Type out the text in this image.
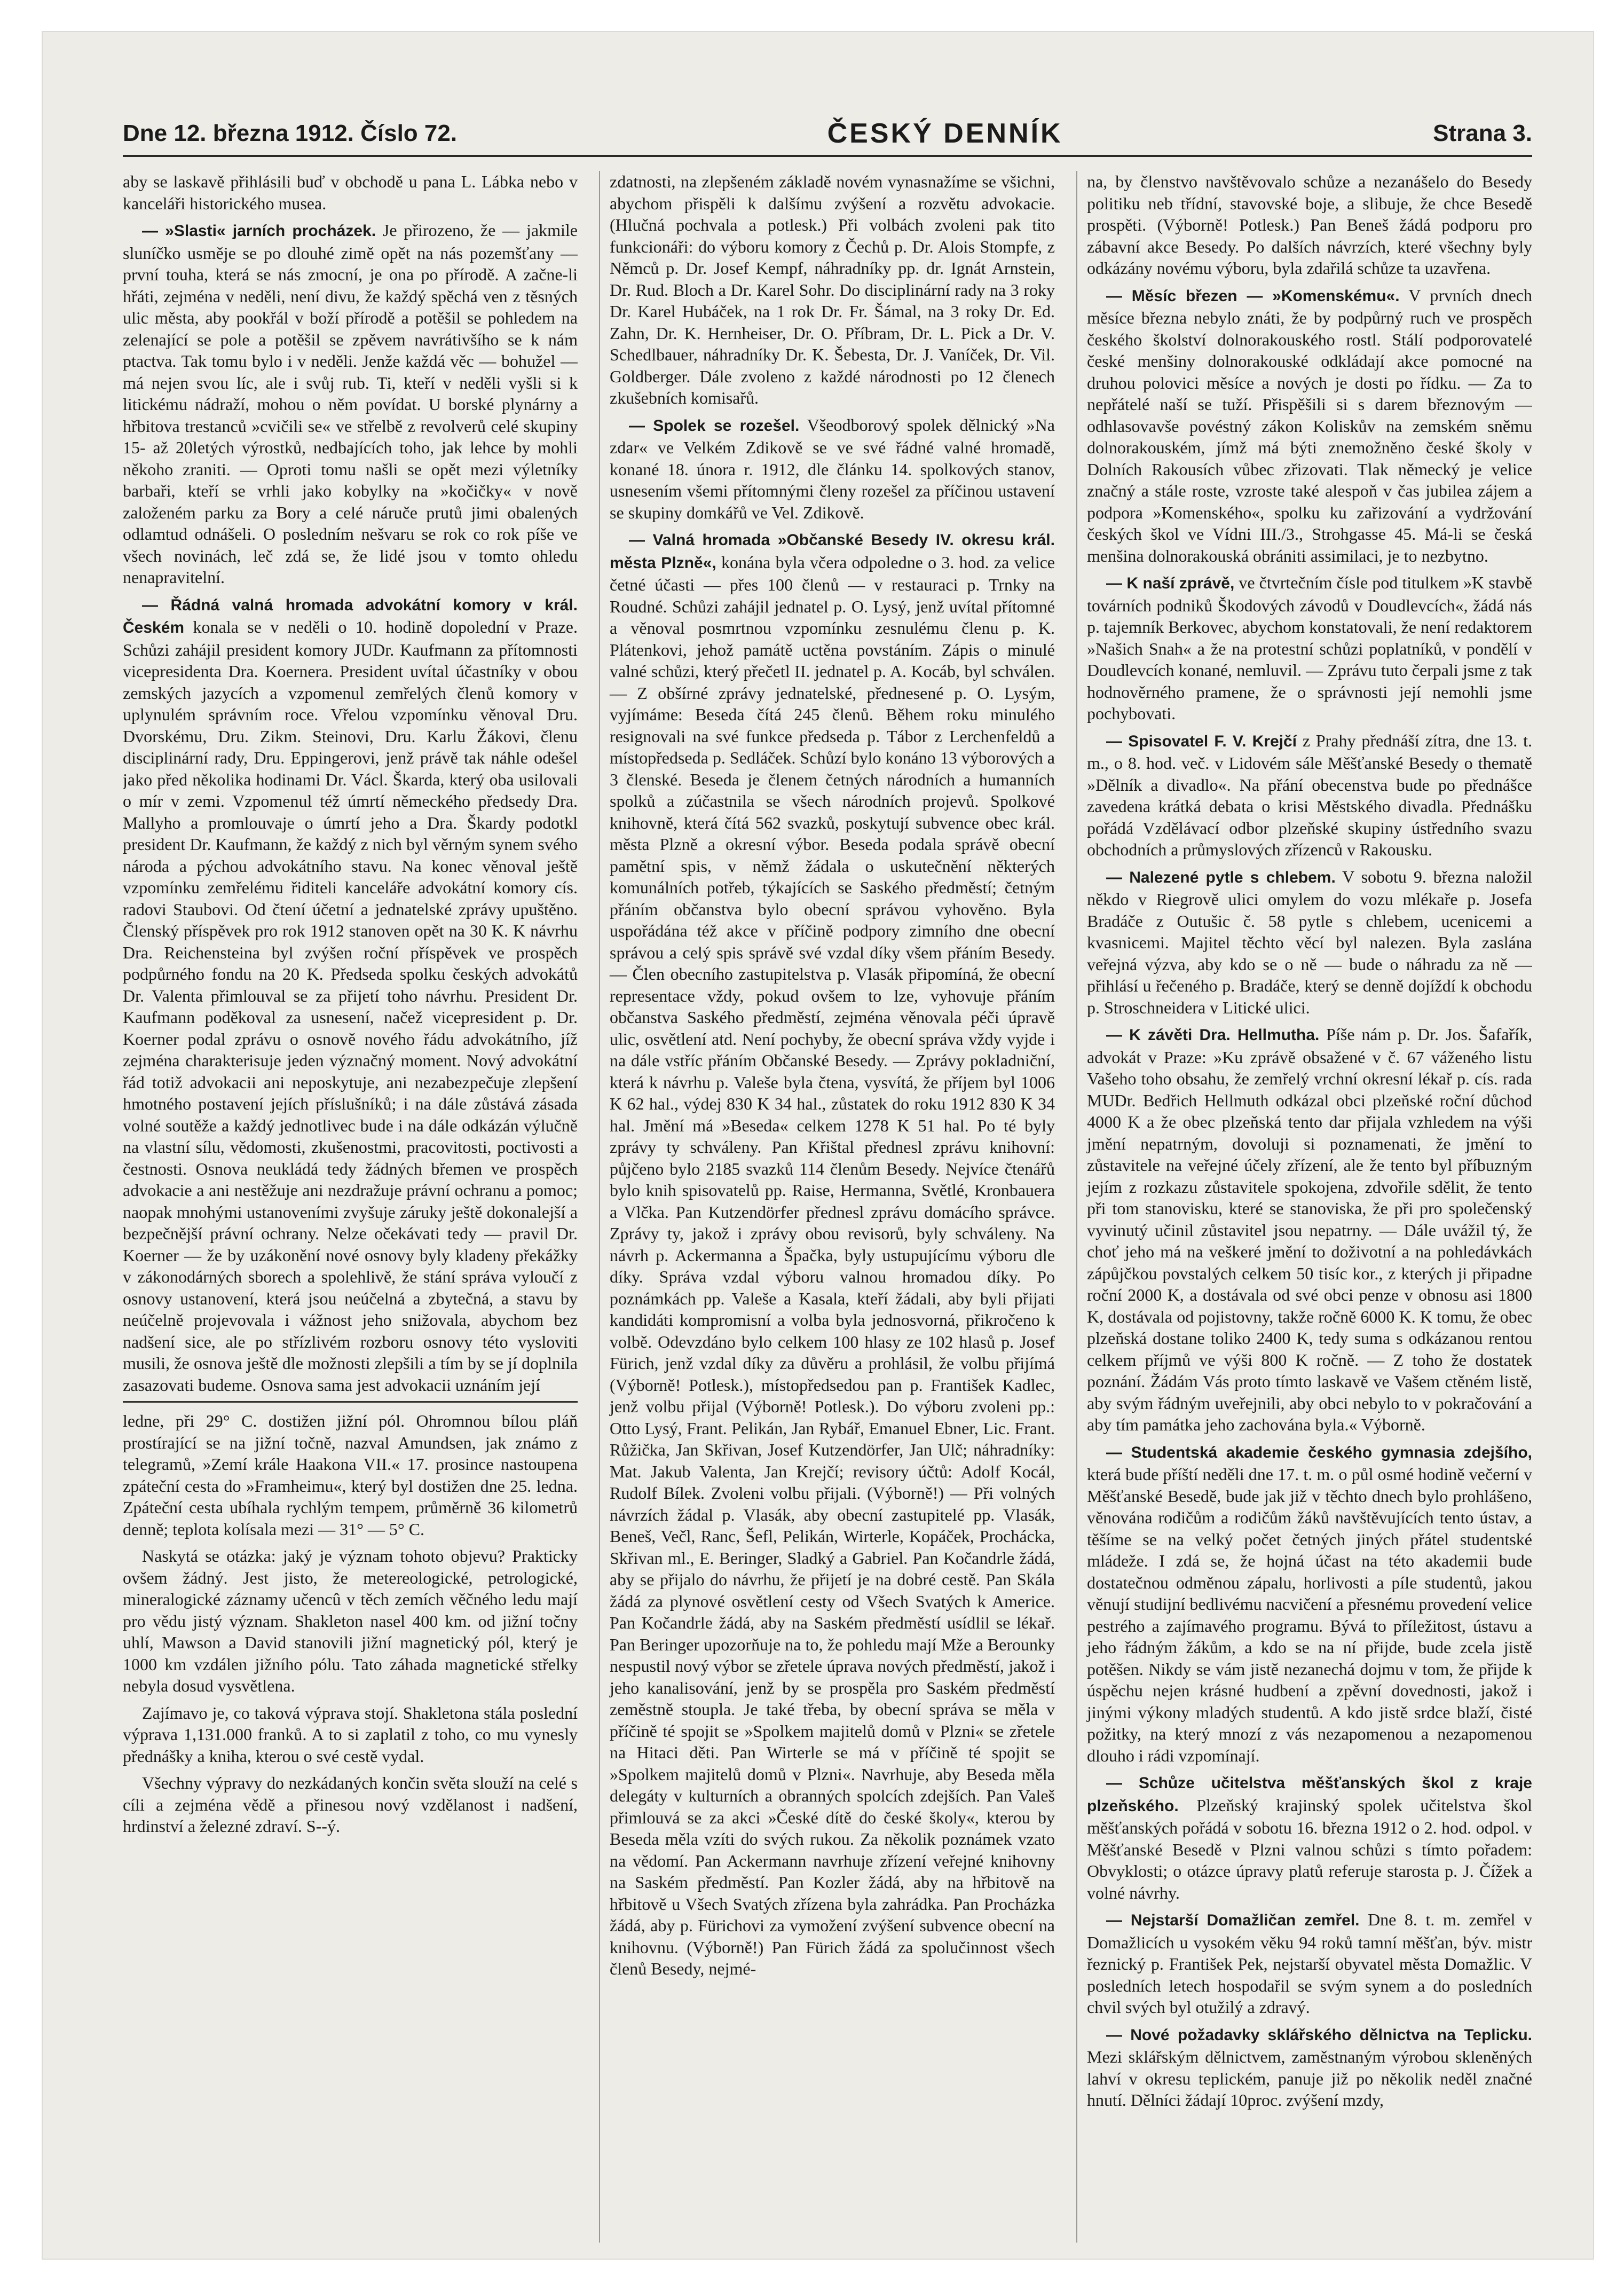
Dne 12. března 1912. Číslo 72.	ČESKÝ DENNÍK	Strana 3.

aby se laskavě přihlásili buď v obchodě u pana L. Lábka nebo v kanceláři historického musea.

— »Slasti« jarních procházek. Je přirozeno, že — jakmile sluníčko usměje se po dlouhé zimě opět na nás pozemšťany — první touha, která se nás zmocní, je ona po přírodě. A začne-li hřáti, zejména v neděli, není divu, že každý spěchá ven z těsných ulic města, aby pookřál v boží přírodě a potěšil se pohledem na zelenající se pole a potěšil se zpěvem navrátivšího se k nám ptactva. Tak tomu bylo i v neděli. Jenže každá věc — bohužel — má nejen svou líc, ale i svůj rub. Ti, kteří v neděli vyšli si k litickému nádraží, mohou o něm povídat. U borské plynárny a hřbitova trestanců »cvičili se« ve střelbě z revolverů celé skupiny 15- až 20letých výrostků, nedbajících toho, jak lehce by mohli někoho zraniti. — Oproti tomu našli se opět mezi výletníky barbaři, kteří se vrhli jako kobylky na »kočičky« v nově založeném parku za Bory a celé náruče prutů jimi obalených odlamtud odnášeli. O posledním nešvaru se rok co rok píše ve všech novinách, leč zdá se, že lidé jsou v tomto ohledu nenapravitelní.

— Řádná valná hromada advokátní komory v král. Českém konala se v neděli o 10. hodině dopolední v Praze. Schůzi zahájil president komory JUDr. Kaufmann za přítomnosti vicepresidenta Dra. Koernera. President uvítal účastníky v obou zemských jazycích a vzpomenul zemřelých členů komory v uplynulém správním roce. Vřelou vzpomínku věnoval Dru. Dvorskému, Dru. Zikm. Steinovi, Dru. Karlu Žákovi, členu disciplinární rady, Dru. Eppingerovi, jenž právě tak náhle odešel jako před několika hodinami Dr. Václ. Škarda, který oba usilovali o mír v zemi. Vzpomenul též úmrtí německého předsedy Dra. Mallyho a promlouvaje o úmrtí jeho a Dra. Škardy podotkl president Dr. Kaufmann, že každý z nich byl věrným synem svého národa a pýchou advokátního stavu. Na konec věnoval ještě vzpomínku zemřelému řiditeli kanceláře advokátní komory cís. radovi Staubovi. Od čtení účetní a jednatelské zprávy upuštěno. Členský příspěvek pro rok 1912 stanoven opět na 30 K. K návrhu Dra. Reichensteina byl zvýšen roční příspěvek ve prospěch podpůrného fondu na 20 K. Předseda spolku českých advokátů Dr. Valenta přimlouval se za přijetí toho návrhu. President Dr. Kaufmann poděkoval za usnesení, načež vicepresident p. Dr. Koerner podal zprávu o osnově nového řádu advokátního, jíž zejména charakterisuje jeden význačný moment. Nový advokátní řád totiž advokacii ani neposkytuje, ani nezabezpečuje zlepšení hmotného postavení jejích příslušníků; i na dále zůstává zásada volné soutěže a každý jednotlivec bude i na dále odkázán výlučně na vlastní sílu, vědomosti, zkušenostmi, pracovitosti, poctivosti a čestnosti. Osnova neukládá tedy žádných břemen ve prospěch advokacie a ani nestěžuje ani nezdražuje právní ochranu a pomoc; naopak mnohými ustanoveními zvyšuje záruky ještě dokonalejší a bezpečnější právní ochrany. Nelze očekávati tedy — pravil Dr. Koerner — že by uzákonění nové osnovy byly kladeny překážky v zákonodárných sborech a spolehlivě, že stání správa vyloučí z osnovy ustanovení, která jsou neúčelná a zbytečná, a stavu by neúčelně projevovala i vážnost jeho snižovala, abychom bez nadšení sice, ale po střízlivém rozboru osnovy této vysloviti musili, že osnova ještě dle možnosti zlepšili a tím by se jí doplnila zasazovati budeme. Osnova sama jest advokacii uznáním její

ledne, při 29° C. dostižen jižní pól. Ohromnou bílou pláň prostírající se na jižní točně, nazval Amundsen, jak známo z telegramů, »Zemí krále Haakona VII.« 17. prosince nastoupena zpáteční cesta do »Framheimu«, který byl dostižen dne 25. ledna. Zpáteční cesta ubíhala rychlým tempem, průměrně 36 kilometrů denně; teplota kolísala mezi — 31° — 5° C.

Naskytá se otázka: jaký je význam tohoto objevu? Prakticky ovšem žádný. Jest jisto, že metereologické, petrologické, mineralogické záznamy učencû v těch zemích věčného ledu mají pro vědu jistý význam. Shakleton nasel 400 km. od jižní točny uhlí, Mawson a David stanovili jižní magnetický pól, který je 1000 km vzdálen jižního pólu. Tato záhada magnetické střelky nebyla dosud vysvětlena.

Zajímavo je, co taková výprava stojí. Shakletona stála poslední výprava 1,131.000 franků. A to si zaplatil z toho, co mu vynesly přednášky a kniha, kterou o své cestě vydal.

Všechny výpravy do nezkádaných končin světa slouží na celé s cíli a zejména vědě a přinesou nový vzdělanost i nadšení, hrdinství a železné zdraví. S--ý.

zdatnosti, na zlepšeném základě novém vynasnažíme se všichni, abychom přispěli k dalšímu zvýšení a rozvětu advokacie. (Hlučná pochvala a potlesk.) Při volbách zvoleni pak tito funkcionáři: do výboru komory z Čechů p. Dr. Alois Stompfe, z Němců p. Dr. Josef Kempf, náhradníky pp. dr. Ignát Arnstein, Dr. Rud. Bloch a Dr. Karel Sohr. Do disciplinární rady na 3 roky Dr. Karel Hubáček, na 1 rok Dr. Fr. Šámal, na 3 roky Dr. Ed. Zahn, Dr. K. Hernheiser, Dr. O. Příbram, Dr. L. Pick a Dr. V. Schedlbauer, náhradníky Dr. K. Šebesta, Dr. J. Vaníček, Dr. Vil. Goldberger. Dále zvoleno z každé národnosti po 12 členech zkušebních komisařů.

— Spolek se rozešel. Všeodborový spolek dělnický »Na zdar« ve Velkém Zdikově se ve své řádné valné hromadě, konané 18. února r. 1912, dle článku 14. spolkových stanov, usnesením všemi přítomnými členy rozešel za příčinou ustavení se skupiny domkářů ve Vel. Zdikově.

— Valná hromada »Občanské Besedy IV. okresu král. města Plzně«, konána byla včera odpoledne o 3. hod. za velice četné účasti — přes 100 členů — v restauraci p. Trnky na Roudné. Schůzi zahájil jednatel p. O. Lysý, jenž uvítal přítomné a věnoval posmrtnou vzpomínku zesnulému členu p. K. Plátenkovi, jehož památě uctěna povstáním. Zápis o minulé valné schůzi, který přečetl II. jednatel p. A. Kocáb, byl schválen. — Z obšírné zprávy jednatelské, přednesené p. O. Lysým, vyjímáme: Beseda čítá 245 členů. Během roku minulého resignovali na své funkce předseda p. Tábor z Lerchenfeldů a místopředseda p. Sedláček. Schůzí bylo konáno 13 výborových a 3 členské. Beseda je členem četných národních a humanních spolků a zúčastnila se všech národních projevů. Spolkové knihovně, která čítá 562 svazků, poskytují subvence obec král. města Plzně a okresní výbor. Beseda podala správě obecní pamětní spis, v němž žádala o uskutečnění některých komunálních potřeb, týkajících se Saského předměstí; četným přáním občanstva bylo obecní správou vyhověno. Byla uspořádána též akce v příčině podpory zimního dne obecní správou a celý spis správě své vzdal díky všem přáním Besedy. — Člen obecního zastupitelstva p. Vlasák připomíná, že obecní representace vždy, pokud ovšem to lze, vyhovuje přáním občanstva Saského předměstí, zejména věnovala péči úpravě ulic, osvětlení atd. Není pochyby, že obecní správa vždy vyjde i na dále vstříc přáním Občanské Besedy. — Zprávy pokladniční, která k návrhu p. Valeše byla čtena, vysvítá, že příjem byl 1006 K 62 hal., výdej 830 K 34 hal., zůstatek do roku 1912 830 K 34 hal. Jmění má »Beseda« celkem 1278 K 51 hal. Po té byly zprávy ty schváleny. Pan Křištal přednesl zprávu knihovní: půjčeno bylo 2185 svazků 114 členům Besedy. Nejvíce čtenářů bylo knih spisovatelů pp. Raise, Hermanna, Světlé, Kronbauera a Vlčka. Pan Kutzendörfer přednesl zprávu domácího správce. Zprávy ty, jakož i zprávy obou revisorů, byly schváleny. Na návrh p. Ackermanna a Špačka, byly ustupujícímu výboru dle díky. Správa vzdal výboru valnou hromadou díky. Po poznámkách pp. Valeše a Kasala, kteří žádali, aby byli přijati kandidáti kompromisní a volba byla jednosvorná, přikročeno k volbě. Odevzdáno bylo celkem 100 hlasy ze 102 hlasů p. Josef Fürich, jenž vzdal díky za důvěru a prohlásil, že volbu přijímá (Výborně! Potlesk.), místopředsedou pan p. František Kadlec, jenž volbu přijal (Výborně! Potlesk.). Do výboru zvoleni pp.: Otto Lysý, Frant. Pelikán, Jan Rybář, Emanuel Ebner, Lic. Frant. Růžička, Jan Skřivan, Josef Kutzendörfer, Jan Ulč; náhradníky: Mat. Jakub Valenta, Jan Krejčí; revisory účtů: Adolf Kocál, Rudolf Bílek. Zvoleni volbu přijali. (Výborně!) — Při volných návrzích žádal p. Vlasák, aby obecní zastupitelé pp. Vlasák, Beneš, Večl, Ranc, Šefl, Pelikán, Wirterle, Kopáček, Prochácka, Skřivan ml., E. Beringer, Sladký a Gabriel. Pan Kočandrle žádá, aby se přijalo do návrhu, že přijetí je na dobré cestě. Pan Skála žádá za plynové osvětlení cesty od Všech Svatých k Americe. Pan Kočandrle žádá, aby na Saském předměstí usídlil se lékař. Pan Beringer upozorňuje na to, že pohledu mají Mže a Berounky nespustil nový výbor se zřetele úprava nových předměstí, jakož i jeho kanalisování, jenž by se prospěla pro Saském předměstí zeměstně stoupla. Je také třeba, by obecní správa se měla v příčině té spojit se »Spolkem majitelů domů v Plzni« se zřetele na Hitaci děti. Pan Wirterle se má v příčině té spojit se »Spolkem majitelů domů v Plzni«. Navrhuje, aby Beseda měla delegáty v kulturních a obranných spolcích zdejších. Pan Valeš přimlouvá se za akci »České dítě do české školy«, kterou by Beseda měla vzíti do svých rukou. Za několik poznámek vzato na vědomí. Pan Ackermann navrhuje zřízení veřejné knihovny na Saském předměstí. Pan Kozler žádá, aby na hřbitově na hřbitově u Všech Svatých zřízena byla zahrádka. Pan Procházka žádá, aby p. Fürichovi za vymožení zvýšení subvence obecní na knihovnu. (Výborně!) Pan Fürich žádá za spolučinnost všech členů Besedy, nejmé-

na, by členstvo navštěvovalo schůze a nezanášelo do Besedy politiku neb třídní, stavovské boje, a slibuje, že chce Besedě prospěti. (Výborně! Potlesk.) Pan Beneš žádá podporu pro zábavní akce Besedy. Po dalších návrzích, které všechny byly odkázány novému výboru, byla zdařilá schůze ta uzavřena.

— Měsíc březen — »Komenskému«. V prvních dnech měsíce března nebylo znáti, že by podpůrný ruch ve prospěch českého školství dolnorakouského rostl. Stálí podporovatelé české menšiny dolnorakouské odkládají akce pomocné na druhou polovici měsíce a nových je dosti po řídku. — Za to nepřátelé naší se tuží. Přispěšili si s darem březnovým — odhlasovavše povéstný zákon Koliskův na zemském sněmu dolnorakouském, jímž má býti znemožněno české školy v Dolních Rakousích vůbec zřizovati. Tlak německý je velice značný a stále roste, vzroste také alespoň v čas jubilea zájem a podpora »Komenského«, spolku ku zařizování a vydržování českých škol ve Vídni III./3., Strohgasse 45. Má-li se česká menšina dolnorakouská obrániti assimilaci, je to nezbytno.

— K naší zprávě, ve čtvrtečním čísle pod titulkem »K stavbě továrních podniků Škodových závodů v Doudlevcích«, žádá nás p. tajemník Berkovec, abychom konstatovali, že není redaktorem »Našich Snah« a že na protestní schůzi poplatníků, v pondělí v Doudlevcích konané, nemluvil. — Zprávu tuto čerpali jsme z tak hodnověrného pramene, že o správnosti její nemohli jsme pochybovati.

— Spisovatel F. V. Krejčí z Prahy přednáší zítra, dne 13. t. m., o 8. hod. več. v Lidovém sále Měšťanské Besedy o thematě »Dělník a divadlo«. Na přání obecenstva bude po přednášce zavedena krátká debata o krisi Městského divadla. Přednášku pořádá Vzdělávací odbor plzeňské skupiny ústředního svazu obchodních a průmyslových zřízenců v Rakousku.

— Nalezené pytle s chlebem. V sobotu 9. března naložil někdo v Riegrově ulici omylem do vozu mlékaře p. Josefa Bradáče z Outušic č. 58 pytle s chlebem, ucenicemi a kvasnicemi. Majitel těchto věcí byl nalezen. Byla zaslána veřejná výzva, aby kdo se o ně — bude o náhradu za ně — přihlásí u řečeného p. Bradáče, který se denně dojíždí k obchodu p. Stroschneidera v Litické ulici.

— K závěti Dra. Hellmutha. Píše nám p. Dr. Jos. Šafařík, advokát v Praze: »Ku zprávě obsažené v č. 67 váženého listu Vašeho toho obsahu, že zemřelý vrchní okresní lékař p. cís. rada MUDr. Bedřich Hellmuth odkázal obci plzeňské roční důchod 4000 K a že obec plzeňská tento dar přijala vzhledem na výši jmění nepatrným, dovoluji si poznamenati, že jmění to zůstavitele na veřejné účely zřízení, ale že tento byl příbuzným jejím z rozkazu zůstavitele spokojena, zdvořile sdělit, že tento při tom stanovisku, které se stanoviska, že při pro společenský vyvinutý učinil zůstavitel jsou nepatrny. — Dále uvážil tý, že choť jeho má na veškeré jmění to doživotní a na pohledávkách zápůjčkou povstalých celkem 50 tisíc kor., z kterých ji připadne roční 2000 K, a dostávala od své obci penze v obnosu asi 1800 K, dostávala od pojistovny, takže ročně 6000 K. K tomu, že obec plzeňská dostane toliko 2400 K, tedy suma s odkázanou rentou celkem příjmů ve výši 800 K ročně. — Z toho že dostatek poznání. Žádám Vás proto tímto laskavě ve Vašem ctěném listě, aby svým řádným uveřejnili, aby obci nebylo to v pokračování a aby tím památka jeho zachována byla.« Výborně.

— Studentská akademie českého gymnasia zdejšího, která bude příští neděli dne 17. t. m. o půl osmé hodině večerní v Měšťanské Besedě, bude jak již v těchto dnech bylo prohlášeno, věnována rodičům a rodičům žáků navštěvujících tento ústav, a těšíme se na velký počet četných jiných přátel studentské mládeže. I zdá se, že hojná účast na této akademii bude dostatečnou odměnou zápalu, horlivosti a píle studentů, jakou věnují studijní bedlivému nacvičení a přesnému provedení velice pestrého a zajímavého programu. Bývá to příležitost, ústavu a jeho řádným žákům, a kdo se na ní přijde, bude zcela jistě potěšen. Nikdy se vám jistě nezanechá dojmu v tom, že přijde k úspěchu nejen krásné hudbení a zpěvní dovednosti, jakož i jinými výkony mladých studentů. A kdo jistě srdce blaží, čisté požitky, na který mnozí z vás nezapomenou a nezapomenou dlouho i rádi vzpomínají.

— Schůze učitelstva měšťanských škol z kraje plzeňského. Plzeňský krajinský spolek učitelstva škol měšťanských pořádá v sobotu 16. března 1912 o 2. hod. odpol. v Měšťanské Besedě v Plzni valnou schůzi s tímto pořadem: Obvyklosti; o otázce úpravy platů referuje starosta p. J. Čížek a volné návrhy.

— Nejstarší Domažličan zemřel. Dne 8. t. m. zemřel v Domažlicích u vysokém věku 94 roků tamní měšťan, býv. mistr řeznický p. František Pek, nejstarší obyvatel města Domažlic. V posledních letech hospodařil se svým synem a do posledních chvil svých byl otužilý a zdravý.

— Nové požadavky sklářského dělnictva na Teplicku. Mezi sklářským dělnictvem, zaměstnaným výrobou skleněných lahví v okresu teplickém, panuje již po několik neděl značné hnutí. Dělníci žádají 10proc. zvýšení mzdy,
